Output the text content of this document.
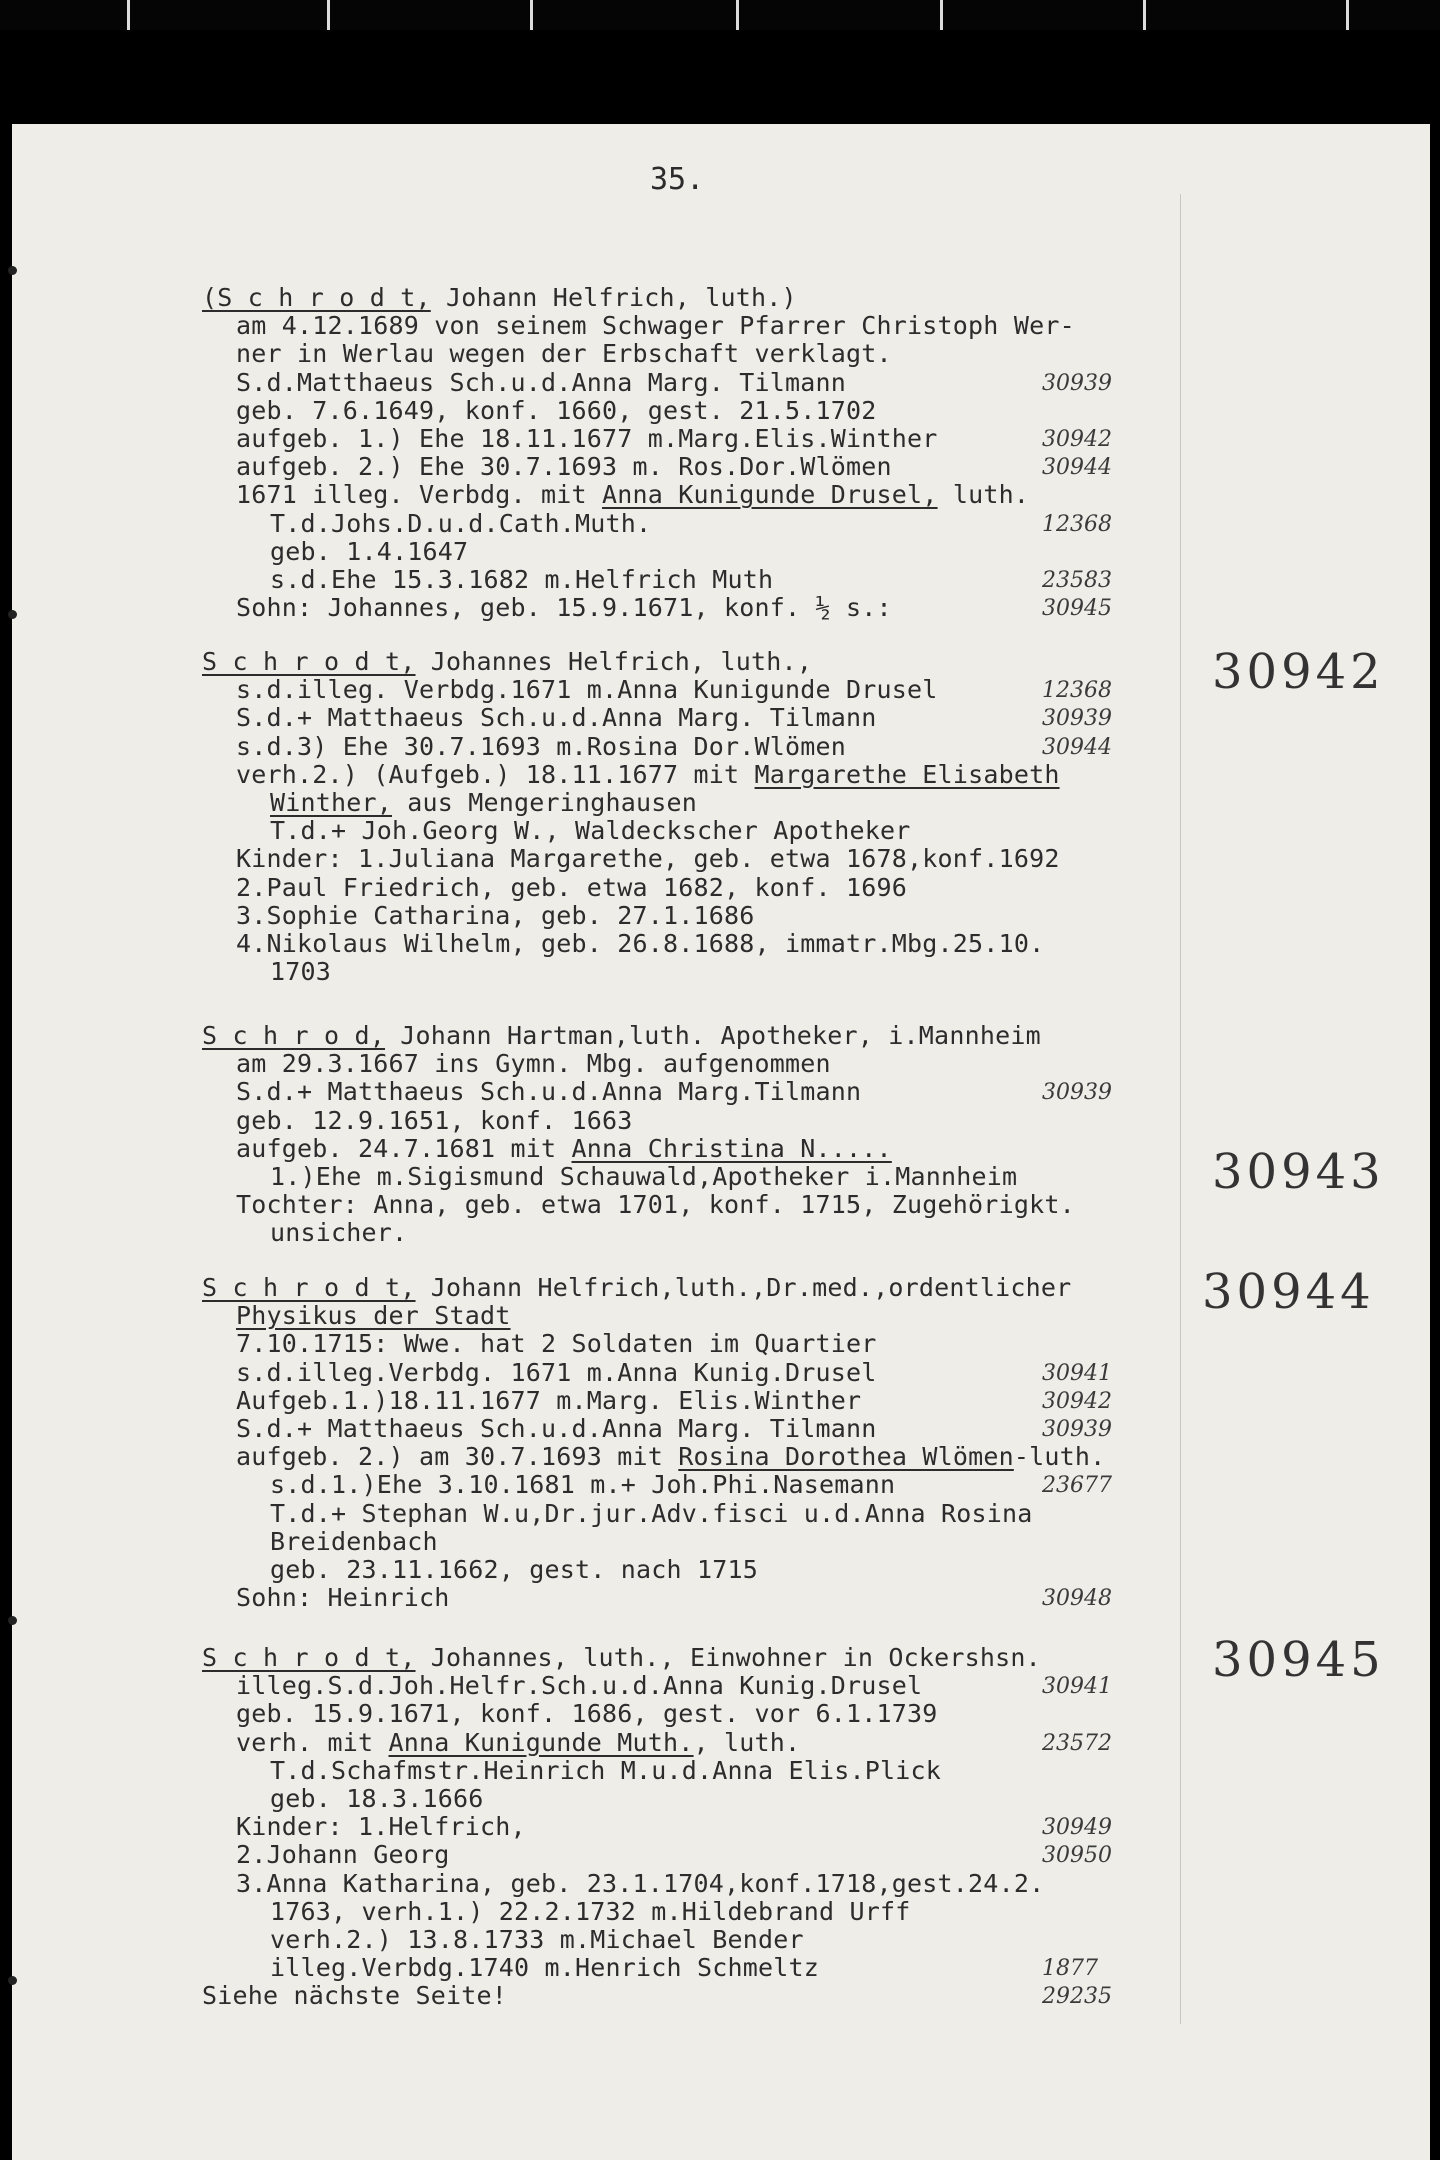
35.
(S c h r o d t, Johann Helfrich, luth.)
am 4.12.1689 von seinem Schwager Pfarrer Christoph Wer-
ner in Werlau wegen der Erbschaft verklagt.
S.d.Matthaeus Sch.u.d.Anna Marg. Tilmann	30939
geb. 7.6.1649, konf. 1660, gest. 21.5.1702
aufgeb. 1.) Ehe 18.11.1677 m.Marg.Elis.Winther	30942
aufgeb. 2.) Ehe 30.7.1693 m. Ros.Dor.Wlömen	30944
1671 illeg. Verbdg. mit Anna Kunigunde Drusel, luth.
T.d.Johs.D.u.d.Cath.Muth.	12368
geb. 1.4.1647
s.d.Ehe 15.3.1682 m.Helfrich Muth	23583
Sohn: Johannes, geb. 15.9.1671, konf. ½ s.:	30945
30942
S c h r o d t, Johannes Helfrich, luth.,
s.d.illeg. Verbdg.1671 m.Anna Kunigunde Drusel	12368
S.d.+ Matthaeus Sch.u.d.Anna Marg. Tilmann	30939
s.d.3) Ehe 30.7.1693 m.Rosina Dor.Wlömen	30944
verh.2.) (Aufgeb.) 18.11.1677 mit Margarethe Elisabeth
Winther, aus Mengeringhausen
T.d.+ Joh.Georg W., Waldeckscher Apotheker
Kinder: 1.Juliana Margarethe, geb. etwa 1678,konf.1692
2.Paul Friedrich, geb. etwa 1682, konf. 1696
3.Sophie Catharina, geb. 27.1.1686
4.Nikolaus Wilhelm, geb. 26.8.1688, immatr.Mbg.25.10.
1703
S c h r o d, Johann Hartman,luth. Apotheker, i.Mannheim
am 29.3.1667 ins Gymn. Mbg. aufgenommen
S.d.+ Matthaeus Sch.u.d.Anna Marg.Tilmann	30939
geb. 12.9.1651, konf. 1663
aufgeb. 24.7.1681 mit Anna Christina N.....
1.)Ehe m.Sigismund Schauwald,Apotheker i.Mannheim
Tochter: Anna, geb. etwa 1701, konf. 1715, Zugehörigkt.
unsicher.
30943
S c h r o d t, Johann Helfrich,luth.,Dr.med.,ordentlicher
Physikus der Stadt
7.10.1715: Wwe. hat 2 Soldaten im Quartier
s.d.illeg.Verbdg. 1671 m.Anna Kunig.Drusel	30941
Aufgeb.1.)18.11.1677 m.Marg. Elis.Winther	30942
S.d.+ Matthaeus Sch.u.d.Anna Marg. Tilmann	30939
aufgeb. 2.) am 30.7.1693 mit Rosina Dorothea Wlömen-luth.
s.d.1.)Ehe 3.10.1681 m.+ Joh.Phi.Nasemann	23677
T.d.+ Stephan W.u,Dr.jur.Adv.fisci u.d.Anna Rosina
Breidenbach
geb. 23.11.1662, gest. nach 1715
Sohn: Heinrich	30948
30944
S c h r o d t, Johannes, luth., Einwohner in Ockershsn.
illeg.S.d.Joh.Helfr.Sch.u.d.Anna Kunig.Drusel	30941
geb. 15.9.1671, konf. 1686, gest. vor 6.1.1739
verh. mit Anna Kunigunde Muth., luth.	23572
T.d.Schafmstr.Heinrich M.u.d.Anna Elis.Plick
geb. 18.3.1666
Kinder: 1.Helfrich,	30949
2.Johann Georg	30950
3.Anna Katharina, geb. 23.1.1704,konf.1718,gest.24.2.
1763, verh.1.) 22.2.1732 m.Hildebrand Urff
verh.2.) 13.8.1733 m.Michael Bender
illeg.Verbdg.1740 m.Henrich Schmeltz	1877
Siehe nächste Seite!	29235
30945
